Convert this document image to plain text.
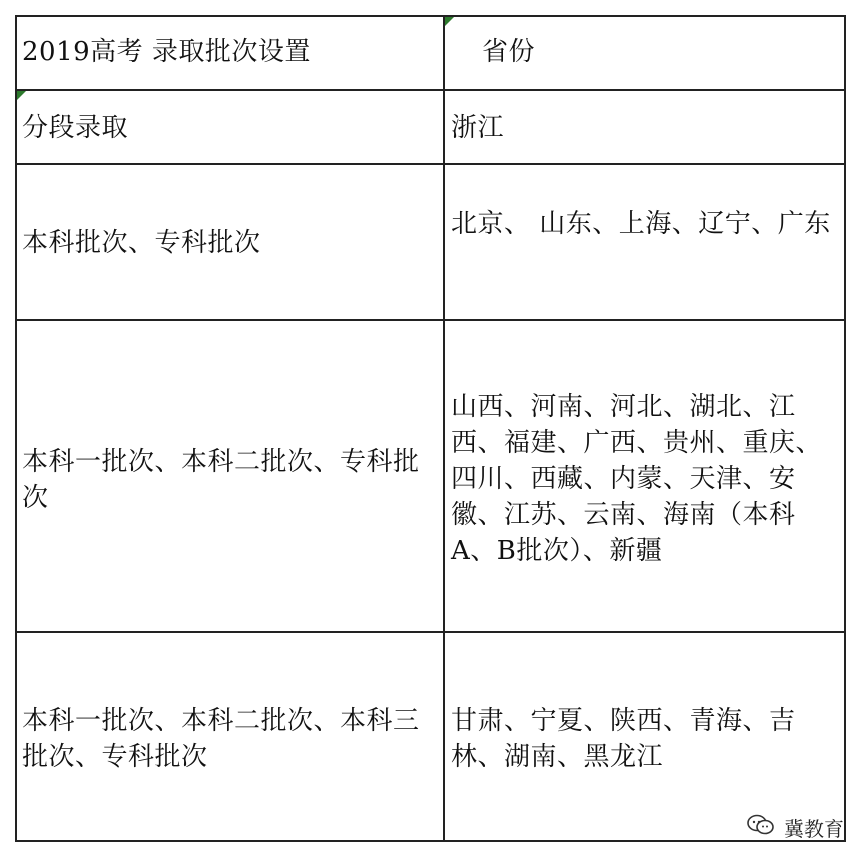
2019高考 录取批次设置	省份
分段录取	浙江
本科批次、专科批次
北京、 山东、上海、辽宁、广东
本科一批次、本科二批次、专科批次
山西、河南、河北、湖北、江西、福建、广西、贵州、重庆、四川、西藏、内蒙、天津、安徽、江苏、云南、海南（本科A、B批次）、新疆
本科一批次、本科二批次、本科三批次、专科批次
甘肃、宁夏、陕西、青海、吉林、湖南、黑龙江
冀教育
